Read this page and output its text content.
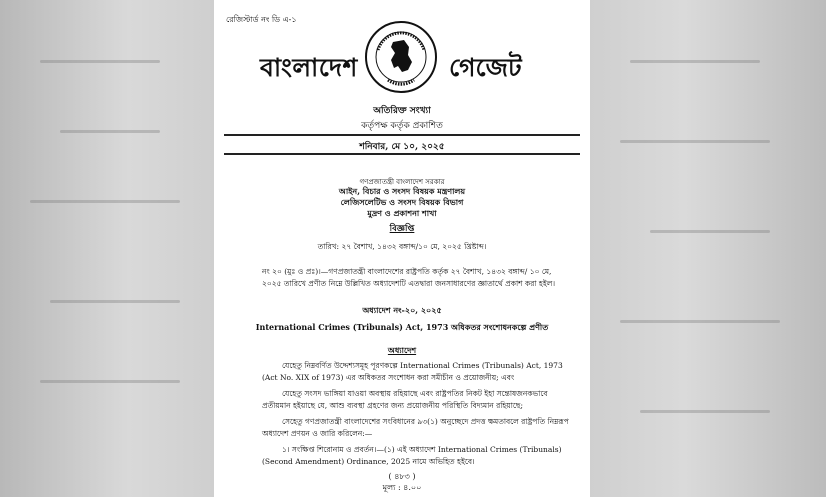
রেজিস্টার্ড নং ডি এ-১
বাংলাদেশ	গেজেট
অতিরিক্ত সংখ্যা
কর্তৃপক্ষ কর্তৃক প্রকাশিত
শনিবার, মে ১০, ২০২৫
গণপ্রজাতন্ত্রী বাংলাদেশ সরকার
আইন, বিচার ও সংসদ বিষয়ক মন্ত্রণালয়
লেজিসলেটিভ ও সংসদ বিষয়ক বিভাগ
মুদ্রণ ও প্রকাশনা শাখা
বিজ্ঞপ্তি
তারিখ: ২৭ বৈশাখ, ১৪৩২ বঙ্গাব্দ/১০ মে, ২০২৫ খ্রিষ্টাব্দ।
নং ২০ (মুঃ ও প্রঃ)।—গণপ্রজাতন্ত্রী বাংলাদেশের রাষ্ট্রপতি কর্তৃক ২৭ বৈশাখ, ১৪৩২ বঙ্গাব্দ/ ১০ মে, ২০২৫ তারিখে প্রণীত নিম্নে উল্লিখিত অধ্যাদেশটি এতদ্বারা জনসাধারণের জ্ঞাতার্থে প্রকাশ করা হইল।
অধ্যাদেশ নং-২০, ২০২৫
International Crimes (Tribunals) Act, 1973 অধিকতর সংশোধনকল্পে প্রণীত
অধ্যাদেশ
যেহেতু নিম্নবর্ণিত উদ্দেশ্যসমূহ পূরণকল্পে International Crimes (Tribunals) Act, 1973 (Act No. XIX of 1973) এর অধিকতর সংশোধন করা সমীচীন ও প্রয়োজনীয়; এবং
যেহেতু সংসদ ভাঙ্গিয়া যাওয়া অবস্থায় রহিয়াছে এবং রাষ্ট্রপতির নিকট ইহা সন্তোষজনকভাবে প্রতীয়মান হইয়াছে যে, আশু ব্যবস্থা গ্রহণের জন্য প্রয়োজনীয় পরিস্থিতি বিদ্যমান রহিয়াছে;
সেহেতু গণপ্রজাতন্ত্রী বাংলাদেশের সংবিধানের ৯৩(১) অনুচ্ছেদে প্রদত্ত ক্ষমতাবলে রাষ্ট্রপতি নিম্নরূপ অধ্যাদেশ প্রণয়ন ও জারি করিলেন:—
১। সংক্ষিপ্ত শিরোনাম ও প্রবর্তন।—(১) এই অধ্যাদেশ International Crimes (Tribunals) (Second Amendment) Ordinance, 2025 নামে অভিহিত হইবে।
( ৪৮৩ )
মূল্য : ৪.০০
